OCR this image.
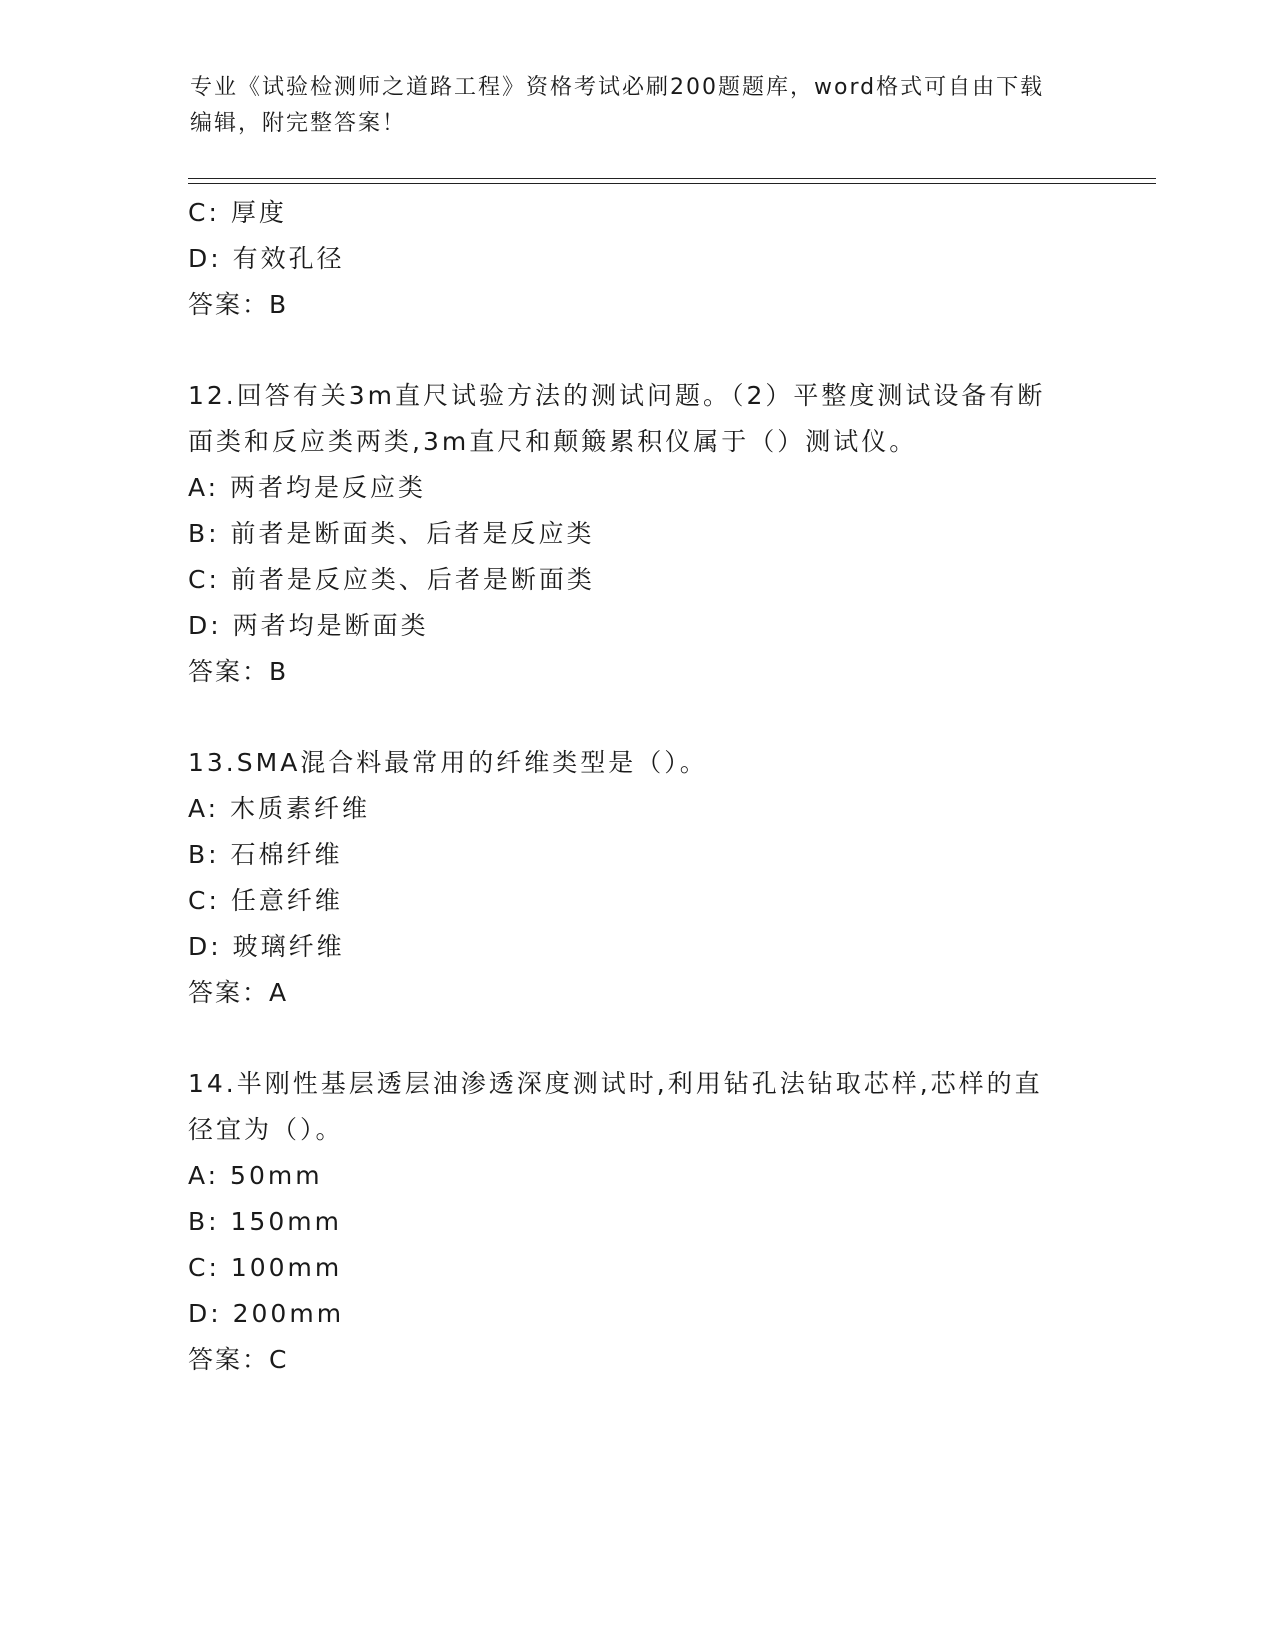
专业《试验检测师之道路工程》资格考试必刷200题题库，word格式可自由下载
编辑，附完整答案！
C: 厚度
D: 有效孔径
答案：B
12.回答有关3m直尺试验方法的测试问题。（2）平整度测试设备有断
面类和反应类两类,3m直尺和颠簸累积仪属于（）测试仪。
A: 两者均是反应类
B: 前者是断面类、后者是反应类
C: 前者是反应类、后者是断面类
D: 两者均是断面类
答案：B
13.SMA混合料最常用的纤维类型是（）。
A: 木质素纤维
B: 石棉纤维
C: 任意纤维
D: 玻璃纤维
答案：A
14.半刚性基层透层油渗透深度测试时,利用钻孔法钻取芯样,芯样的直
径宜为（）。
A: 50mm
B: 150mm
C: 100mm
D: 200mm
答案：C
